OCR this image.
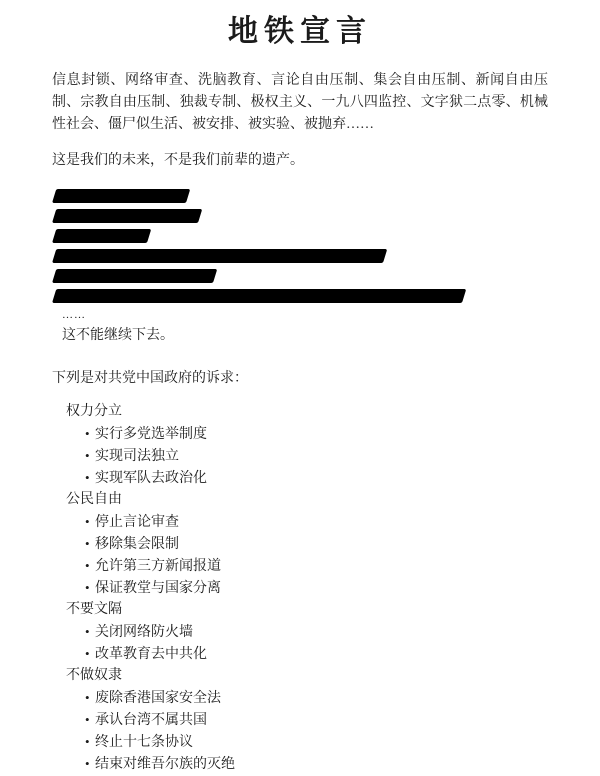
地铁宣言

信息封锁、网络审查、洗脑教育、言论自由压制、集会自由压制、新闻自由压制、宗教自由压制、独裁专制、极权主义、一九八四监控、文字狱二点零、机械性社会、僵尸似生活、被安排、被实验、被抛弃……

这是我们的未来，不是我们前辈的遗产。

……

这不能继续下去。

下列是对共党中国政府的诉求：

权力分立
• 实行多党选举制度
• 实现司法独立
• 实现军队去政治化
公民自由
• 停止言论审查
• 移除集会限制
• 允许第三方新闻报道
• 保证教堂与国家分离
不要文隔
• 关闭网络防火墙
• 改革教育去中共化
不做奴隶
• 废除香港国家安全法
• 承认台湾不属共国
• 终止十七条协议
• 结束对维吾尔族的灭绝
